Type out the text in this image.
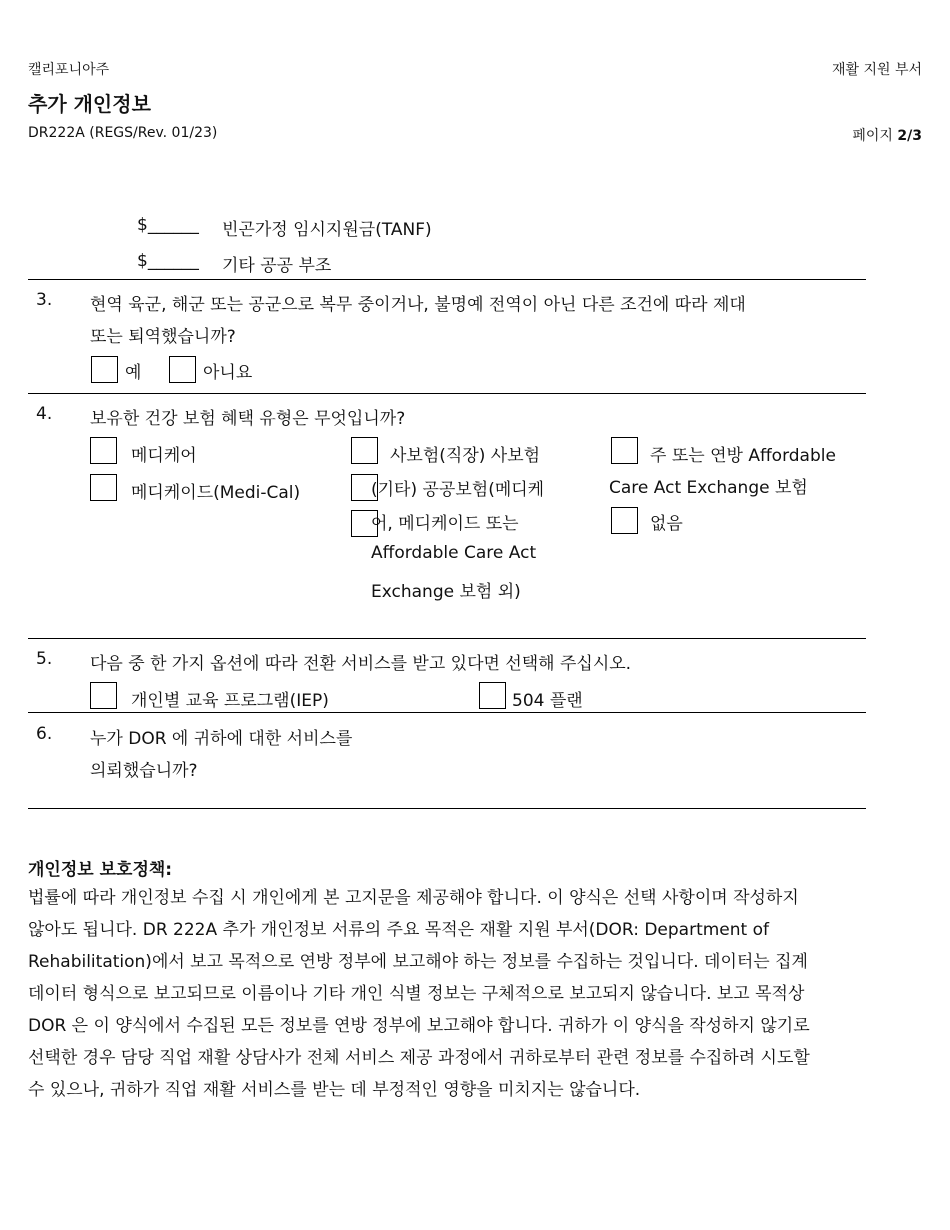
캘리포니아주	재활 지원 부서
추가 개인정보
DR222A (REGS/Rev. 01/23)	페이지 2/3
$______ 빈곤가정 임시지원금(TANF)
$______ 기타 공공 부조
3. 현역 육군, 해군 또는 공군으로 복무 중이거나, 불명예 전역이 아닌 다른 조건에 따라 제대
또는 퇴역했습니까?
예	아니요
4. 보유한 건강 보험 혜택 유형은 무엇입니까?
메디케어
메디케이드(Medi-Cal)
사보험(직장) 사보험
(기타) 공공보험(메디케
어, 메디케이드 또는
Affordable Care Act
Exchange 보험 외)
주 또는 연방 Affordable
Care Act Exchange 보험
없음
5. 다음 중 한 가지 옵션에 따라 전환 서비스를 받고 있다면 선택해 주십시오.
개인별 교육 프로그램(IEP)	504 플랜
6. 누가 DOR 에 귀하에 대한 서비스를
의뢰했습니까?
개인정보 보호정책:
법률에 따라 개인정보 수집 시 개인에게 본 고지문을 제공해야 합니다. 이 양식은 선택 사항이며 작성하지
않아도 됩니다. DR 222A 추가 개인정보 서류의 주요 목적은 재활 지원 부서(DOR: Department of
Rehabilitation)에서 보고 목적으로 연방 정부에 보고해야 하는 정보를 수집하는 것입니다. 데이터는 집계
데이터 형식으로 보고되므로 이름이나 기타 개인 식별 정보는 구체적으로 보고되지 않습니다. 보고 목적상
DOR 은 이 양식에서 수집된 모든 정보를 연방 정부에 보고해야 합니다. 귀하가 이 양식을 작성하지 않기로
선택한 경우 담당 직업 재활 상담사가 전체 서비스 제공 과정에서 귀하로부터 관련 정보를 수집하려 시도할
수 있으나, 귀하가 직업 재활 서비스를 받는 데 부정적인 영향을 미치지는 않습니다.
